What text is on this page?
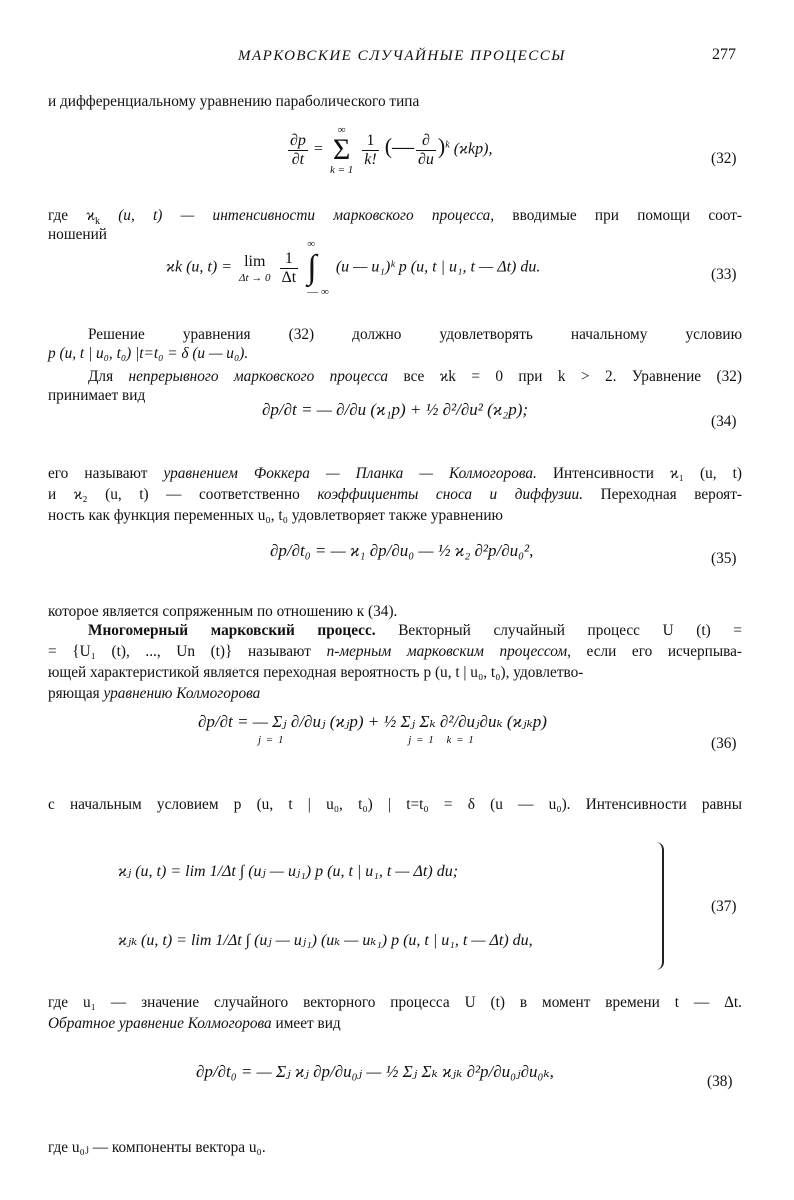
МАРКОВСКИЕ СЛУЧАЙНЫЕ ПРОЦЕССЫ	277
и дифференциальному уравнению параболического типа
$\frac{\partial p}{\partial t}$ =
∞
Σ
k = 1

$\frac{1}{k!}$ (— $\frac{\partial}{\partial u} )^k$ (ϰkp),
(32)
где $ϰ_k$ (u, t) — интенсивности марковского процесса, вводимые при помощи соот-
ношений
ϰk (u, t) = lim
Δt → 0
$\frac{1}{\Delta t}$

∞
∫
— ∞
(u — u₁)ᵏ p (u, t | u₁, t — Δt) du.	(33)
Решение уравнения (32) должно удовлетворять начальному условию
p (u, t | u₀, t₀) |t=t₀ = δ (u — u₀).
Для непрерывного марковского процесса все ϰk = 0 при k > 2. Уравнение (32)
принимает вид
∂p/∂t = — ∂/∂u (ϰ₁p) + ½ ∂²/∂u² (ϰ₂p);
(34)
его называют уравнением Фоккера — Планка — Колмогорова. Интенсивности ϰ₁ (u, t)
и ϰ₂ (u, t) — соответственно коэффициенты сноса и диффузии. Переходная вероят-
ность как функция переменных u₀, t₀ удовлетворяет также уравнению
∂p/∂t₀ = — ϰ₁ ∂p/∂u₀ — ½ ϰ₂ ∂²p/∂u₀²,	(35)
которое является сопряженным по отношению к (34).
Многомерный марковский процесс. Векторный случайный процесс U (t) =
= {U₁ (t), ..., Un (t)} называют n-мерным марковским процессом, если его исчерпыва-
ющей характеристикой является переходная вероятность p (u, t | u₀, t₀), удовлетво-
ряющая уравнению Колмогорова
∂p/∂t = — Σⱼ ∂/∂uⱼ (ϰⱼp) + ½ Σⱼ Σₖ ∂²/∂uⱼ∂uₖ (ϰⱼₖp)
j = 1	j = 1 k = 1	(36)
с начальным условием p (u, t | u₀, t₀) | t=t₀ = δ (u — u₀). Интенсивности равны
ϰⱼ (u, t) = lim 1/Δt ∫ (uⱼ — uⱼ₁) p (u, t | u₁, t — Δt) du;
ϰⱼₖ (u, t) = lim 1/Δt ∫ (uⱼ — uⱼ₁) (uₖ — uₖ₁) p (u, t | u₁, t — Δt) du,
(37)
где u₁ — значение случайного векторного процесса U (t) в момент времени t — Δt.
Обратное уравнение Колмогорова имеет вид
∂p/∂t₀ = — Σⱼ ϰⱼ ∂p/∂u₀ⱼ — ½ Σⱼ Σₖ ϰⱼₖ ∂²p/∂u₀ⱼ∂u₀ₖ,
(38)
где u₀ⱼ — компоненты вектора u₀.
